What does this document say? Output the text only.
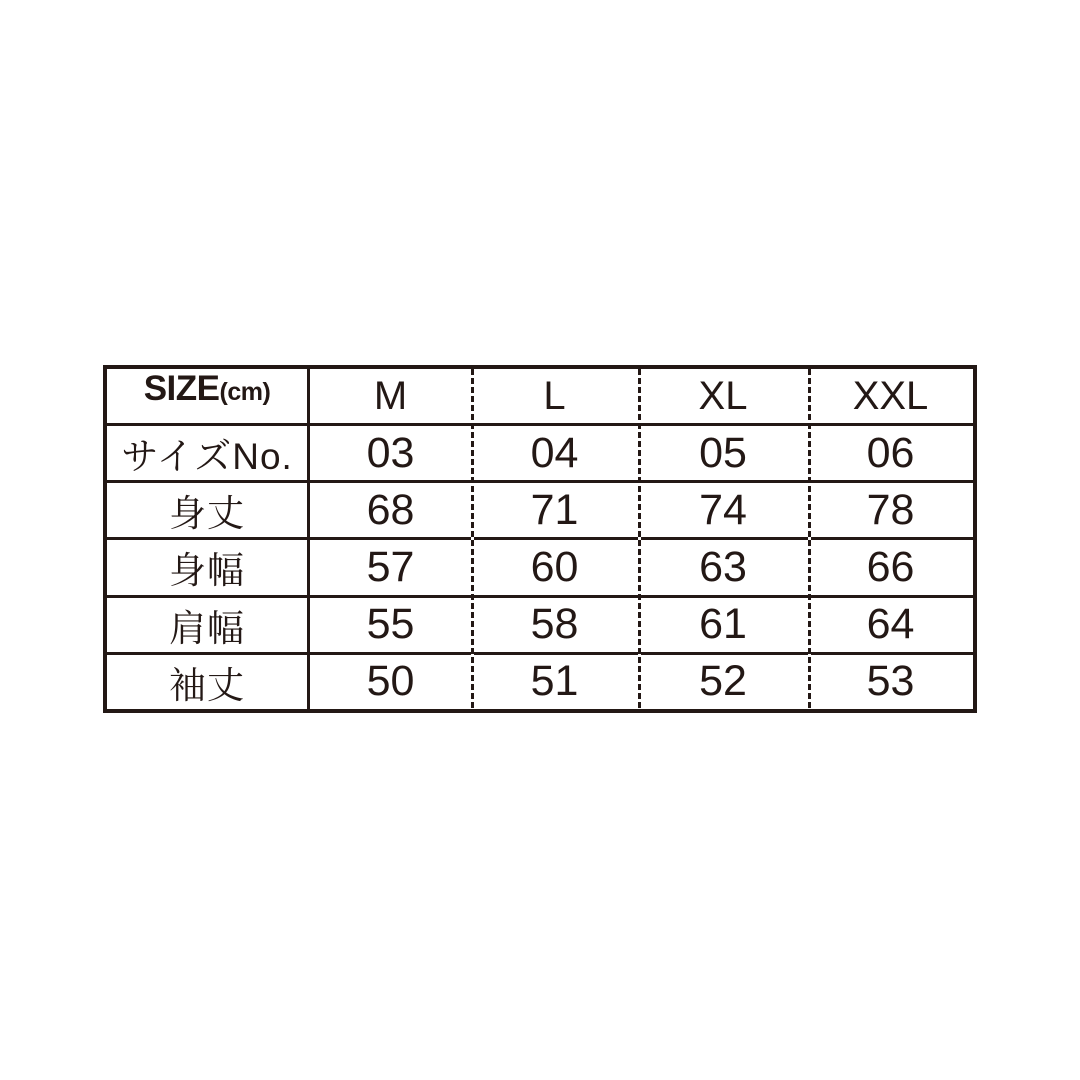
SIZE (cm)	M	L	XL	XXL
サイズNo.	03	04	05	06
身丈	68	71	74	78
身幅	57	60	63	66
肩幅	55	58	61	64
袖丈	50	51	52	53
